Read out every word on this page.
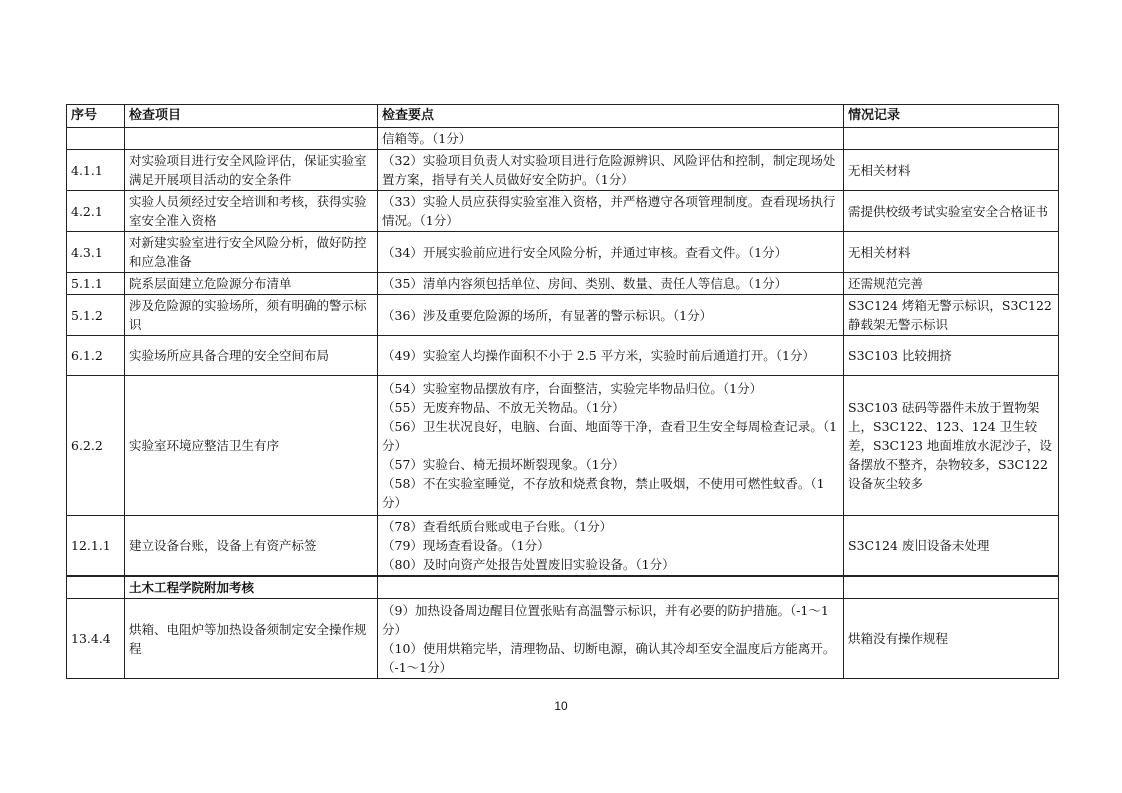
序号	检查项目	检查要点	情况记录

		信箱等。（1分）	

4.1.1	对实验项目进行安全风险评估，保证实验室满足开展项目活动的安全条件	（32）实验项目负责人对实验项目进行危险源辨识、风险评估和控制，制定现场处置方案，指导有关人员做好安全防护。（1分）	无相关材料
4.2.1	实验人员须经过安全培训和考核，获得实验室安全准入资格	（33）实验人员应获得实验室准入资格，并严格遵守各项管理制度。查看现场执行情况。（1分）	需提供校级考试实验室安全合格证书
4.3.1	对新建实验室进行安全风险分析，做好防控和应急准备	（34）开展实验前应进行安全风险分析，并通过审核。查看文件。（1分）	无相关材料
5.1.1	院系层面建立危险源分布清单	（35）清单内容须包括单位、房间、类别、数量、责任人等信息。（1分）	还需规范完善
5.1.2	涉及危险源的实验场所，须有明确的警示标识	（36）涉及重要危险源的场所，有显著的警示标识。（1分）	S3C124 烤箱无警示标识，S3C122 静载架无警示标识
6.1.2	实验场所应具备合理的安全空间布局	（49）实验室人均操作面积不小于 2.5 平方米，实验时前后通道打开。（1分）	S3C103 比较拥挤
6.2.2	实验室环境应整洁卫生有序	（54）实验室物品摆放有序，台面整洁，实验完毕物品归位。（1分）
（55）无废弃物品、不放无关物品。（1分）
（56）卫生状况良好，电脑、台面、地面等干净，查看卫生安全每周检查记录。（1分）
（57）实验台、椅无损坏断裂现象。（1分）
（58）不在实验室睡觉，不存放和烧煮食物，禁止吸烟，不使用可燃性蚊香。（1分）	S3C103 砝码等器件未放于置物架上，S3C122、123、124 卫生较差，S3C123 地面堆放水泥沙子，设备摆放不整齐，杂物较多，S3C122 设备灰尘较多
12.1.1	建立设备台账，设备上有资产标签	（78）查看纸质台账或电子台账。（1分）
（79）现场查看设备。（1分）
（80）及时向资产处报告处置废旧实验设备。（1分）	S3C124 废旧设备未处理
	土木工程学院附加考核		
13.4.4	烘箱、电阻炉等加热设备须制定安全操作规程	（9）加热设备周边醒目位置张贴有高温警示标识，并有必要的防护措施。（-1～1分）
（10）使用烘箱完毕，清理物品、切断电源，确认其冷却至安全温度后方能离开。（-1～1分）	烘箱没有操作规程
10
